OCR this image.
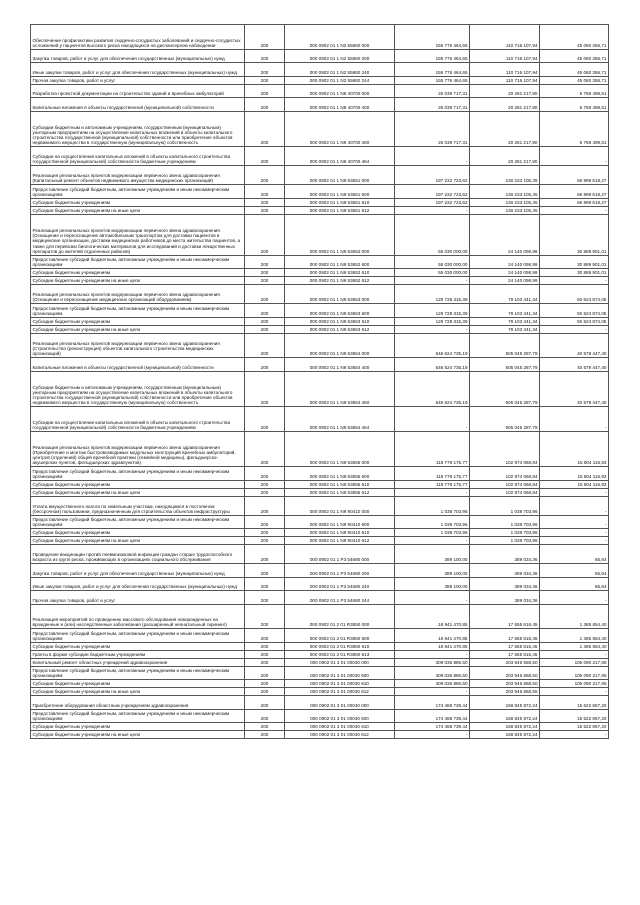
Обеспечение профилактики развития сердечно-сосудистых заболеваний и сердечно-сосудистых осложнений у пациентов высокого риска находящихся на диспансерном наблюдении	200	000 0902 01 1 N2 55860 000	155 776 464,65	110 716 107,94	45 060 356,71
Закупка товаров, работ и услуг для обеспечения государственных (муниципальных) нужд	200	000 0902 01 1 N2 55860 200	155 776 464,65	110 716 107,94	45 060 356,71
Иные закупки товаров, работ и услуг для обеспечения государственных (муниципальных) нужд	200	000 0902 01 1 N2 55860 240	155 776 464,65	110 716 107,94	45 060 356,71
Прочая закупка товаров, работ и услуг	200	000 0902 01 1 N2 55860 244	155 776 464,65	110 716 107,94	45 060 356,71
Разработка проектной документации на строительство зданий и врачебных амбулаторий	200	000 0902 01 1 N9 40700 000	26 039 717,31	20 281 217,80	5 758 499,51
Капитальные вложения в объекты государственной (муниципальной) собственности	200	000 0902 01 1 N9 40700 400	26 039 717,31	20 281 217,80	5 758 499,51
Субсидии бюджетным и автономным учреждениям, государственным (муниципальным) унитарным предприятиям на осуществление капитальных вложений в объекты капитального строительства государственной (муниципальной) собственности или приобретение объектов недвижимого имущества в государственную (муниципальную) собственность	200	000 0902 01 1 N9 40700 460	26 039 717,31	20 281 217,80	5 758 499,51
Субсидии на осуществление капитальных вложений в объекты капитального строительства государственной (муниципальной) собственности бюджетным учреждениям	200	000 0902 01 1 N9 40700 464	-	20 281 217,80	-
Реализация региональных проектов модернизации первичного звена здравоохранения (Капитальный ремонт объектов недвижимого имущества медицинских организаций)	200	000 0902 01 1 N9 53651 000	197 232 723,62	130 233 105,35	66 999 618,27
Предоставление субсидий бюджетным, автономным учреждениям и иным некоммерческим организациям	200	000 0902 01 1 N9 53651 600	197 232 723,62	130 233 105,35	66 999 618,27
Субсидии бюджетным учреждениям	200	000 0902 01 1 N9 53651 610	197 232 723,62	130 233 105,35	66 999 618,27
Субсидии бюджетным учреждениям на иные цели	200	000 0902 01 1 N9 53651 612	-	130 233 105,35	-
Реализация региональных проектов модернизации первичного звена здравоохранения (Оснащение и переоснащение автомобильным транспортом для доставки пациентов в медицинские организации, доставки медицинских работников до места жительства пациентов, а также для перевозки биологических материалов для исследований и доставки лекарственных препаратов до жителей отдаленных районов)	200	000 0902 01 1 N9 53652 000	55 030 000,00	24 140 098,99	30 889 901,01
Предоставление субсидий бюджетным, автономным учреждениям и иным некоммерческим организациям	200	000 0902 01 1 N9 53652 600	55 030 000,00	24 140 098,99	30 889 901,01
Субсидии бюджетным учреждениям	200	000 0902 01 1 N9 53652 610	55 030 000,00	24 140 098,99	30 889 901,01
Субсидии бюджетным учреждениям на иные цели	200	000 0902 01 1 N9 53652 612	-	24 140 098,99	-
Реализация региональных проектов модернизации первичного звена здравоохранения (Оснащение и переоснащение медицинских организаций оборудованием)	200	000 0902 01 1 N9 53653 000	129 728 315,39	79 103 441,34	50 624 874,05
Предоставление субсидий бюджетным, автономным учреждениям и иным некоммерческим организациям	200	000 0902 01 1 N9 53653 600	129 728 315,39	79 103 441,34	50 624 874,05
Субсидии бюджетным учреждениям	200	000 0902 01 1 N9 53653 610	129 728 315,39	79 103 441,34	50 624 874,05
Субсидии бюджетным учреждениям на иные цели	200	000 0902 01 1 N9 53653 612	-	79 103 441,34	-
Реализация региональных проектов модернизации первичного звена здравоохранения (Строительство (реконструкция) объектов капитального строительства медицинских организаций)	200	000 0902 01 1 N9 53654 000	546 624 735,19	505 045 287,79	40 579 447,40
Капитальные вложения в объекты государственной (муниципальной) собственности	200	000 0902 01 1 N9 53654 400	546 624 735,19	505 045 287,79	40 579 447,40
Субсидии бюджетным и автономным учреждениям, государственным (муниципальным) унитарным предприятиям на осуществление капитальных вложений в объекты капитального строительства государственной (муниципальной) собственности или приобретение объектов недвижимого имущества в государственную (муниципальную) собственность	200	000 0902 01 1 N9 53654 460	546 624 735,19	505 045 287,79	40 579 447,40
Субсидии на осуществление капитальных вложений в объекты капитального строительства государственной (муниципальной) собственности бюджетным учреждениям	200	000 0902 01 1 N9 53654 464	-	505 045 287,79	-
Реализация региональных проектов модернизации первичного звена здравоохранения (Приобретение и монтаж быстровозводимых модульных конструкций врачебных амбулаторий, центров (отделений) общей врачебной практики (семейной медицины), фельдшерско-акушерских пунктов, фельдшерских здравпунктов)	200	000 0902 01 1 N9 53655 000	118 779 175,77	102 974 058,84	15 804 116,93
Предоставление субсидий бюджетным, автономным учреждениям и иным некоммерческим организациям	200	000 0902 01 1 N9 53655 600	118 779 175,77	102 974 058,84	15 804 116,93
Субсидии бюджетным учреждениям	200	000 0902 01 1 N9 53655 610	118 779 175,77	102 974 058,84	15 804 116,93
Субсидии бюджетным учреждениям на иные цели	200	000 0902 01 1 N9 53655 612	-	102 974 058,84	-
Уплата имущественного налога по земельным участкам, находящимся в постоянном (бессрочном) пользовании, предназначенным для строительства объектов инфраструктуры	200	000 0902 01 1 N9 90410 000	1 038 703,96	1 038 703,96	-
Предоставление субсидий бюджетным, автономным учреждениям и иным некоммерческим организациям	200	000 0902 01 1 N9 90410 600	1 038 703,96	1 038 703,96	-
Субсидии бюджетным учреждениям	200	000 0902 01 1 N9 90410 610	1 038 703,96	1 038 703,96	-
Субсидии бюджетным учреждениям на иные цели	200	000 0902 01 1 N9 90410 612	-	1 038 703,96	-
Проведение вакцинации против пневмококковой инфекции граждан старше трудоспособного возраста из групп риска, проживающих в организациях социального обслуживания	200	000 0902 01 1 P3 54680 000	389 100,00	389 034,36	65,64
Закупка товаров, работ и услуг для обеспечения государственных (муниципальных) нужд	200	000 0902 01 1 P3 54680 200	389 100,00	389 034,36	65,64
Иные закупки товаров, работ и услуг для обеспечения государственных (муниципальных) нужд	200	000 0902 01 1 P3 54680 240	389 100,00	389 034,36	65,64
Прочая закупка товаров, работ и услуг	200	000 0902 01 1 P3 54680 244	-	389 034,36	-
Реализация мероприятий по проведению массового обследования новорожденных на врожденные и (или) наследственные заболевания (расширенный неонатальный скрининг)	200	000 0902 01 2 01 R3850 000	18 941 470,85	17 555 816,45	1 385 654,40
Предоставление субсидий бюджетным, автономным учреждениям и иным некоммерческим организациям	200	000 0902 01 2 01 R3850 600	18 941 470,85	17 555 816,45	1 385 654,40
Субсидии бюджетным учреждениям	200	000 0902 01 2 01 R3850 610	18 941 470,85	17 555 816,45	1 385 654,40
Гранты в форме субсидии бюджетным учреждениям	200	000 0902 01 2 01 R3850 613	-	17 555 816,45	-
Капитальный ремонт областных учреждений здравоохранения	200	000 0902 01 3 01 00030 000	309 036 886,50	203 946 668,50	105 090 217,95
Предоставление субсидий бюджетным, автономным учреждениям и иным некоммерческим организациям	200	000 0902 01 3 01 00030 600	309 036 886,50	203 946 668,50	105 090 217,95
Субсидии бюджетным учреждениям	200	000 0902 01 3 01 00030 610	309 036 886,50	203 946 668,50	105 090 217,95
Субсидии бюджетным учреждениям на иные цели	200	000 0902 01 3 01 00030 612	-	203 946 668,55	-
Приобретение оборудования областным учреждениям здравоохранения	200	000 0902 01 3 01 00040 000	174 468 739,44	158 845 872,24	15 622 867,20
Предоставление субсидий бюджетным, автономным учреждениям и иным некоммерческим организациям	200	000 0902 01 3 01 00040 600	174 468 739,44	158 845 872,24	15 622 867,20
Субсидии бюджетным учреждениям	200	000 0902 01 3 01 00040 610	174 468 739,44	158 845 872,24	15 622 867,20
Субсидии бюджетным учреждениям на иные цели	200	000 0902 01 3 01 00040 612	-	158 845 872,24	-
